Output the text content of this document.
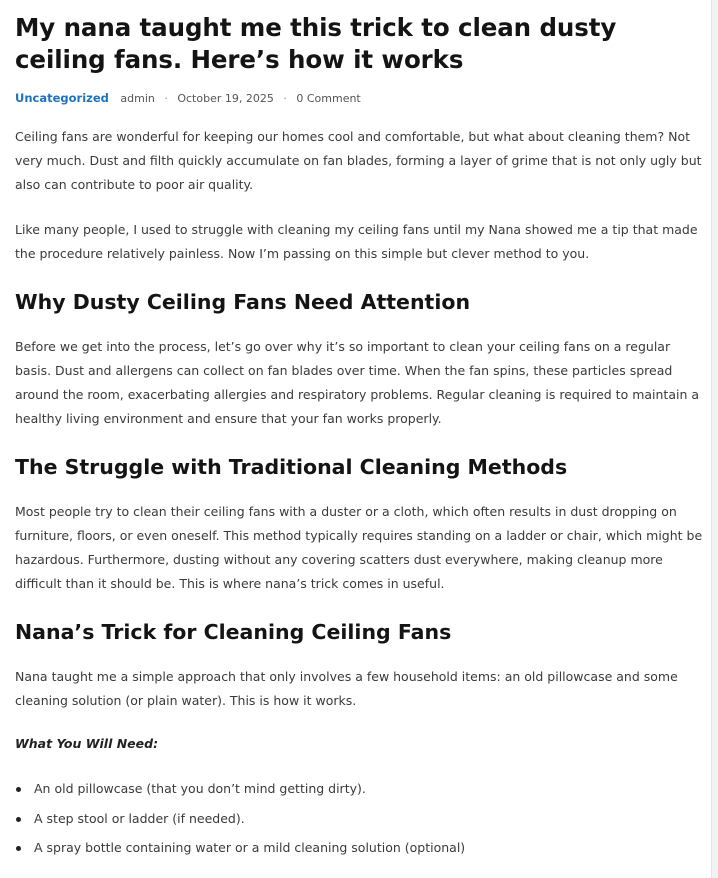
My nana taught me this trick to clean dusty ceiling fans. Here’s how it works
Uncategorized admin · October 19, 2025 · 0 Comment

Ceiling fans are wonderful for keeping our homes cool and comfortable, but what about cleaning them? Not very much. Dust and filth quickly accumulate on fan blades, forming a layer of grime that is not only ugly but also can contribute to poor air quality.

Like many people, I used to struggle with cleaning my ceiling fans until my Nana showed me a tip that made the procedure relatively painless. Now I’m passing on this simple but clever method to you.

Why Dusty Ceiling Fans Need Attention

Before we get into the process, let’s go over why it’s so important to clean your ceiling fans on a regular basis. Dust and allergens can collect on fan blades over time. When the fan spins, these particles spread around the room, exacerbating allergies and respiratory problems. Regular cleaning is required to maintain a healthy living environment and ensure that your fan works properly.

The Struggle with Traditional Cleaning Methods

Most people try to clean their ceiling fans with a duster or a cloth, which often results in dust dropping on furniture, floors, or even oneself. This method typically requires standing on a ladder or chair, which might be hazardous. Furthermore, dusting without any covering scatters dust everywhere, making cleanup more difficult than it should be. This is where nana’s trick comes in useful.

Nana’s Trick for Cleaning Ceiling Fans

Nana taught me a simple approach that only involves a few household items: an old pillowcase and some cleaning solution (or plain water). This is how it works.

What You Will Need:
An old pillowcase (that you don’t mind getting dirty).
A step stool or ladder (if needed).
A spray bottle containing water or a mild cleaning solution (optional)
